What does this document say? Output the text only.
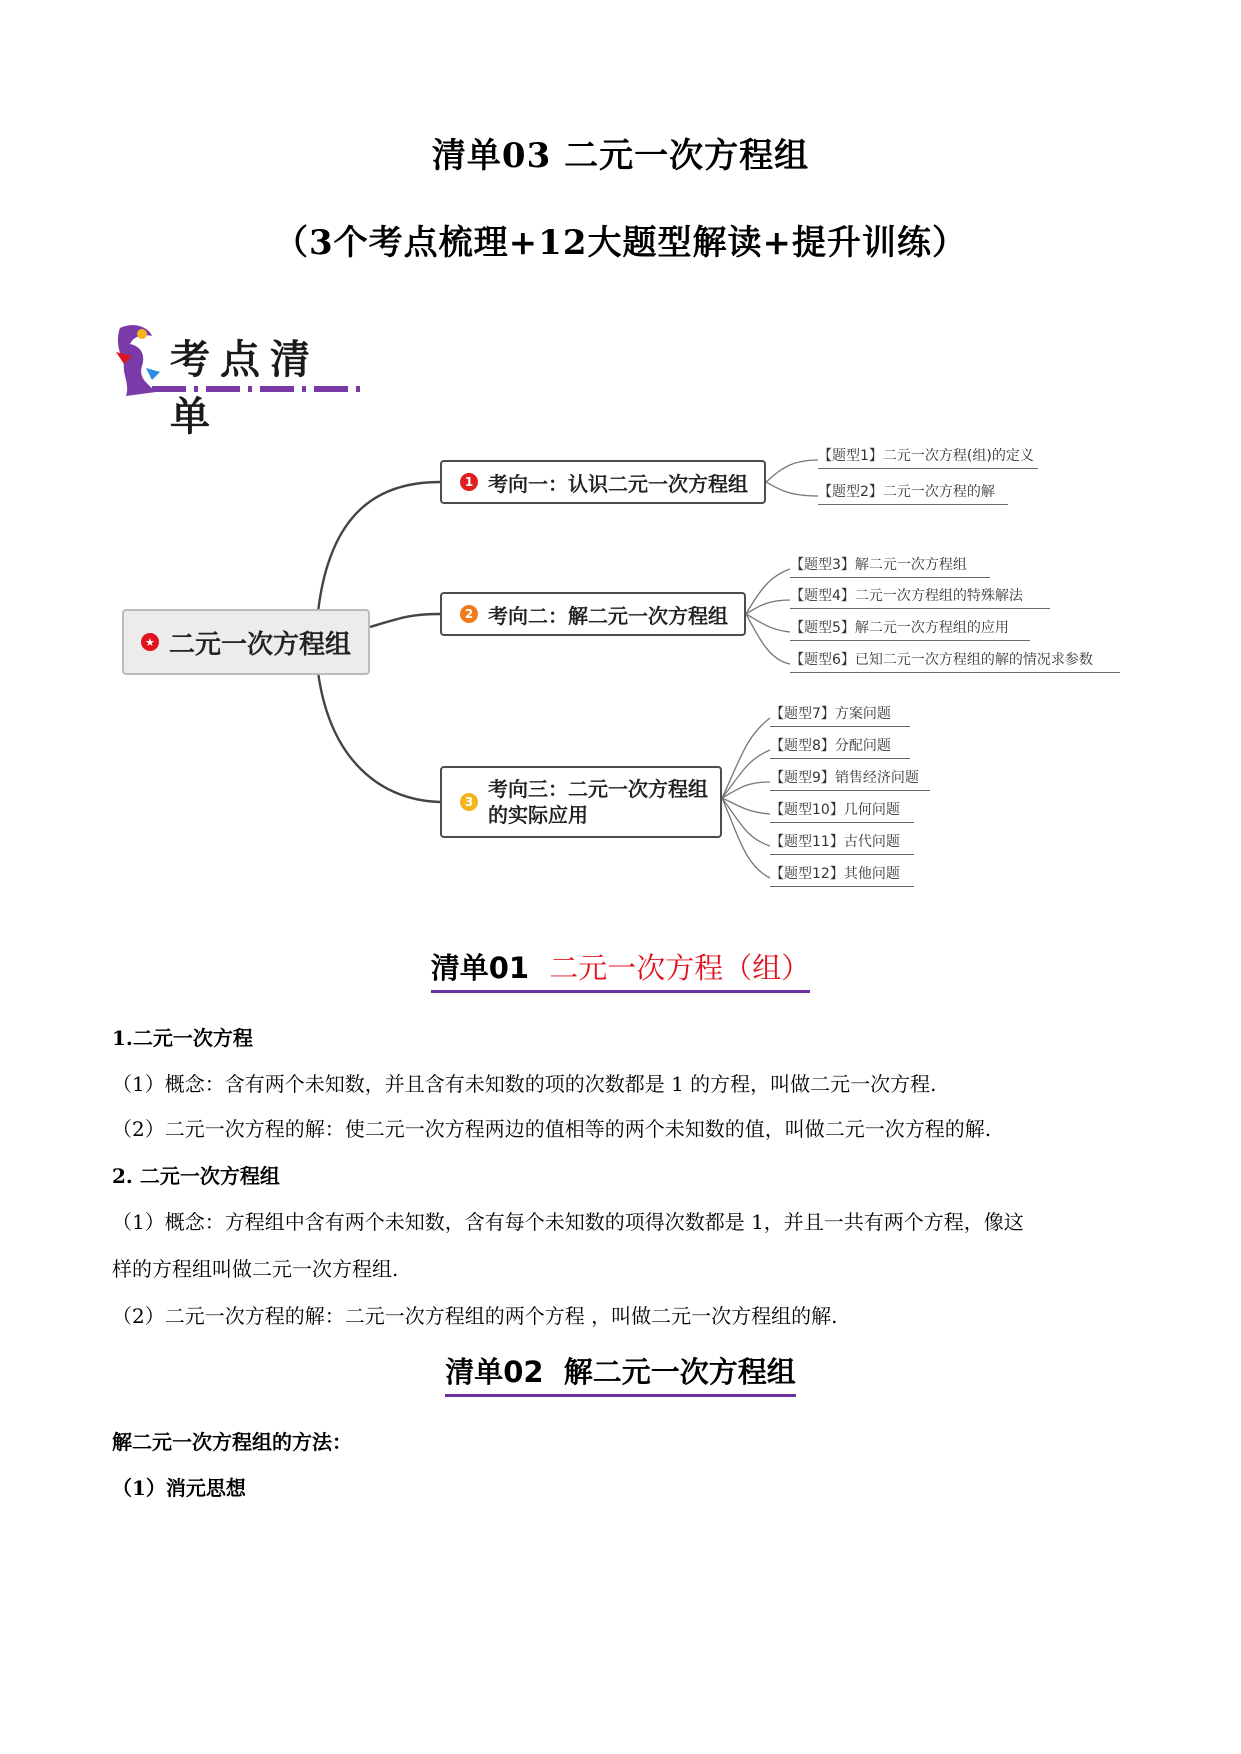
清单03 二元一次方程组
（3个考点梳理+12大题型解读+提升训练）
考点清单
★ 二元一次方程组
1 考向一：认识二元一次方程组
【题型1】二元一次方程(组)的定义
【题型2】二元一次方程的解
2 考向二：解二元一次方程组
【题型3】解二元一次方程组
【题型4】二元一次方程组的特殊解法
【题型5】解二元一次方程组的应用
【题型6】已知二元一次方程组的解的情况求参数
3
考向三：二元一次方程组
的实际应用
【题型7】方案问题
【题型8】分配问题
【题型9】销售经济问题
【题型10】几何问题
【题型11】古代问题
【题型12】其他问题
清单01 二元一次方程（组）
1.二元一次方程
（1）概念：含有两个未知数，并且含有未知数的项的次数都是 1 的方程，叫做二元一次方程.
（2）二元一次方程的解：使二元一次方程两边的值相等的两个未知数的值，叫做二元一次方程的解.
2. 二元一次方程组
（1）概念：方程组中含有两个未知数，含有每个未知数的项得次数都是 1，并且一共有两个方程，像这
样的方程组叫做二元一次方程组.
（2）二元一次方程的解：二元一次方程组的两个方程 ，叫做二元一次方程组的解.
清单02 解二元一次方程组
解二元一次方程组的方法：
（1）消元思想
